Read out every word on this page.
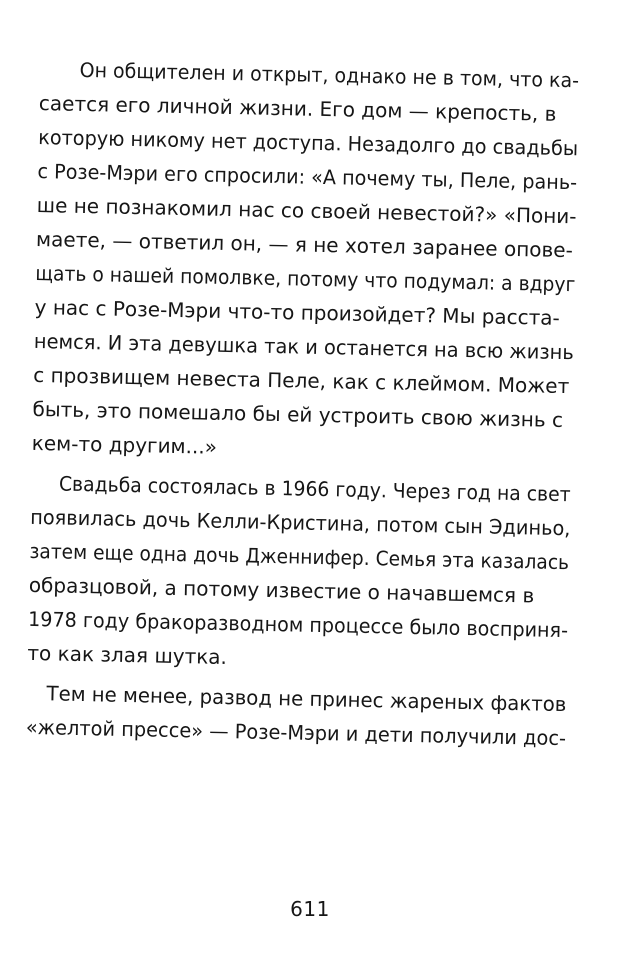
Он общителен и открыт, однако не в том, что ка-
сается его личной жизни. Его дом — крепость, в
которую никому нет доступа. Незадолго до свадьбы
с Розе-Мэри его спросили: «А почему ты, Пеле, рань-
ше не познакомил нас со своей невестой?» «Пони-
маете, — ответил он, — я не хотел заранее опове-
щать о нашей помолвке, потому что подумал: а вдруг
у нас с Розе-Мэри что-то произойдет? Мы расста-
немся. И эта девушка так и останется на всю жизнь
с прозвищем невеста Пеле, как с клеймом. Может
быть, это помешало бы ей устроить свою жизнь с
кем-то другим...»
Свадьба состоялась в 1966 году. Через год на свет
появилась дочь Келли-Кристина, потом сын Эдиньо,
затем еще одна дочь Дженнифер. Семья эта казалась
образцовой, а потому известие о начавшемся в
1978 году бракоразводном процессе было восприня-
то как злая шутка.
Тем не менее, развод не принес жареных фактов
«желтой прессе» — Розе-Мэри и дети получили дос-
611
